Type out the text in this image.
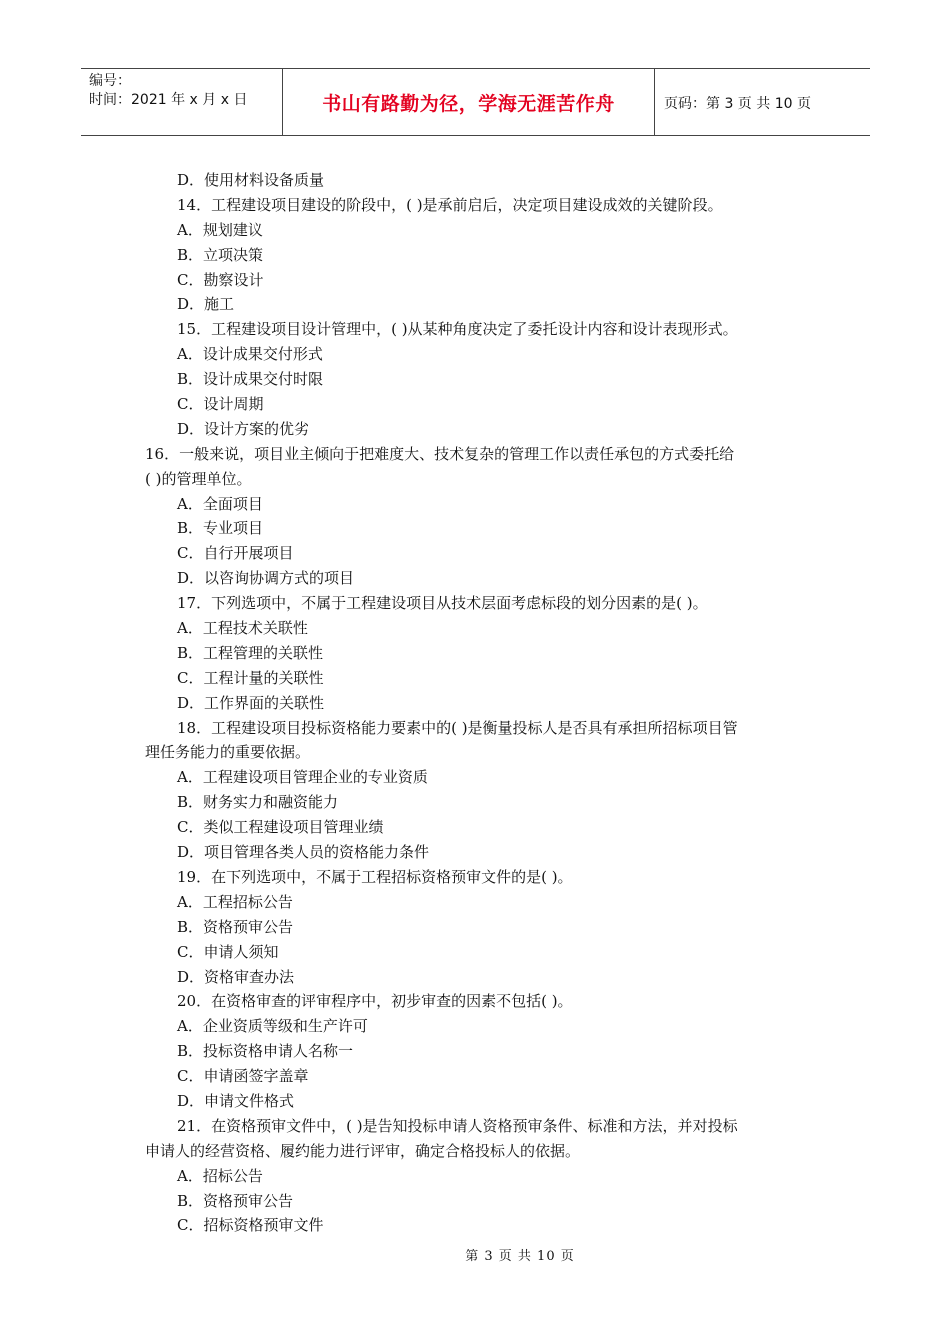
编号：
时间：2021 年 x 月 x 日	书山有路勤为径，学海无涯苦作舟	页码：第 3 页 共 10 页
D．使用材料设备质量
14．工程建设项目建设的阶段中，( )是承前启后，决定项目建设成效的关键阶段。
A．规划建议
B．立项决策
C．勘察设计
D．施工
15．工程建设项目设计管理中，( )从某种角度决定了委托设计内容和设计表现形式。
A．设计成果交付形式
B．设计成果交付时限
C．设计周期
D．设计方案的优劣
16．一般来说，项目业主倾向于把难度大、技术复杂的管理工作以责任承包的方式委托给
( )的管理单位。
A．全面项目
B．专业项目
C．自行开展项目
D．以咨询协调方式的项目
17．下列选项中，不属于工程建设项目从技术层面考虑标段的划分因素的是( )。
A．工程技术关联性
B．工程管理的关联性
C．工程计量的关联性
D．工作界面的关联性
18．工程建设项目投标资格能力要素中的( )是衡量投标人是否具有承担所招标项目管
理任务能力的重要依据。
A．工程建设项目管理企业的专业资质
B．财务实力和融资能力
C．类似工程建设项目管理业绩
D．项目管理各类人员的资格能力条件
19．在下列选项中，不属于工程招标资格预审文件的是( )。
A．工程招标公告
B．资格预审公告
C．申请人须知
D．资格审查办法
20．在资格审查的评审程序中，初步审查的因素不包括( )。
A．企业资质等级和生产许可
B．投标资格申请人名称一
C．申请函签字盖章
D．申请文件格式
21．在资格预审文件中，( )是告知投标申请人资格预审条件、标准和方法，并对投标
申请人的经营资格、履约能力进行评审，确定合格投标人的依据。
A．招标公告
B．资格预审公告
C．招标资格预审文件
第 3 页 共 10 页
